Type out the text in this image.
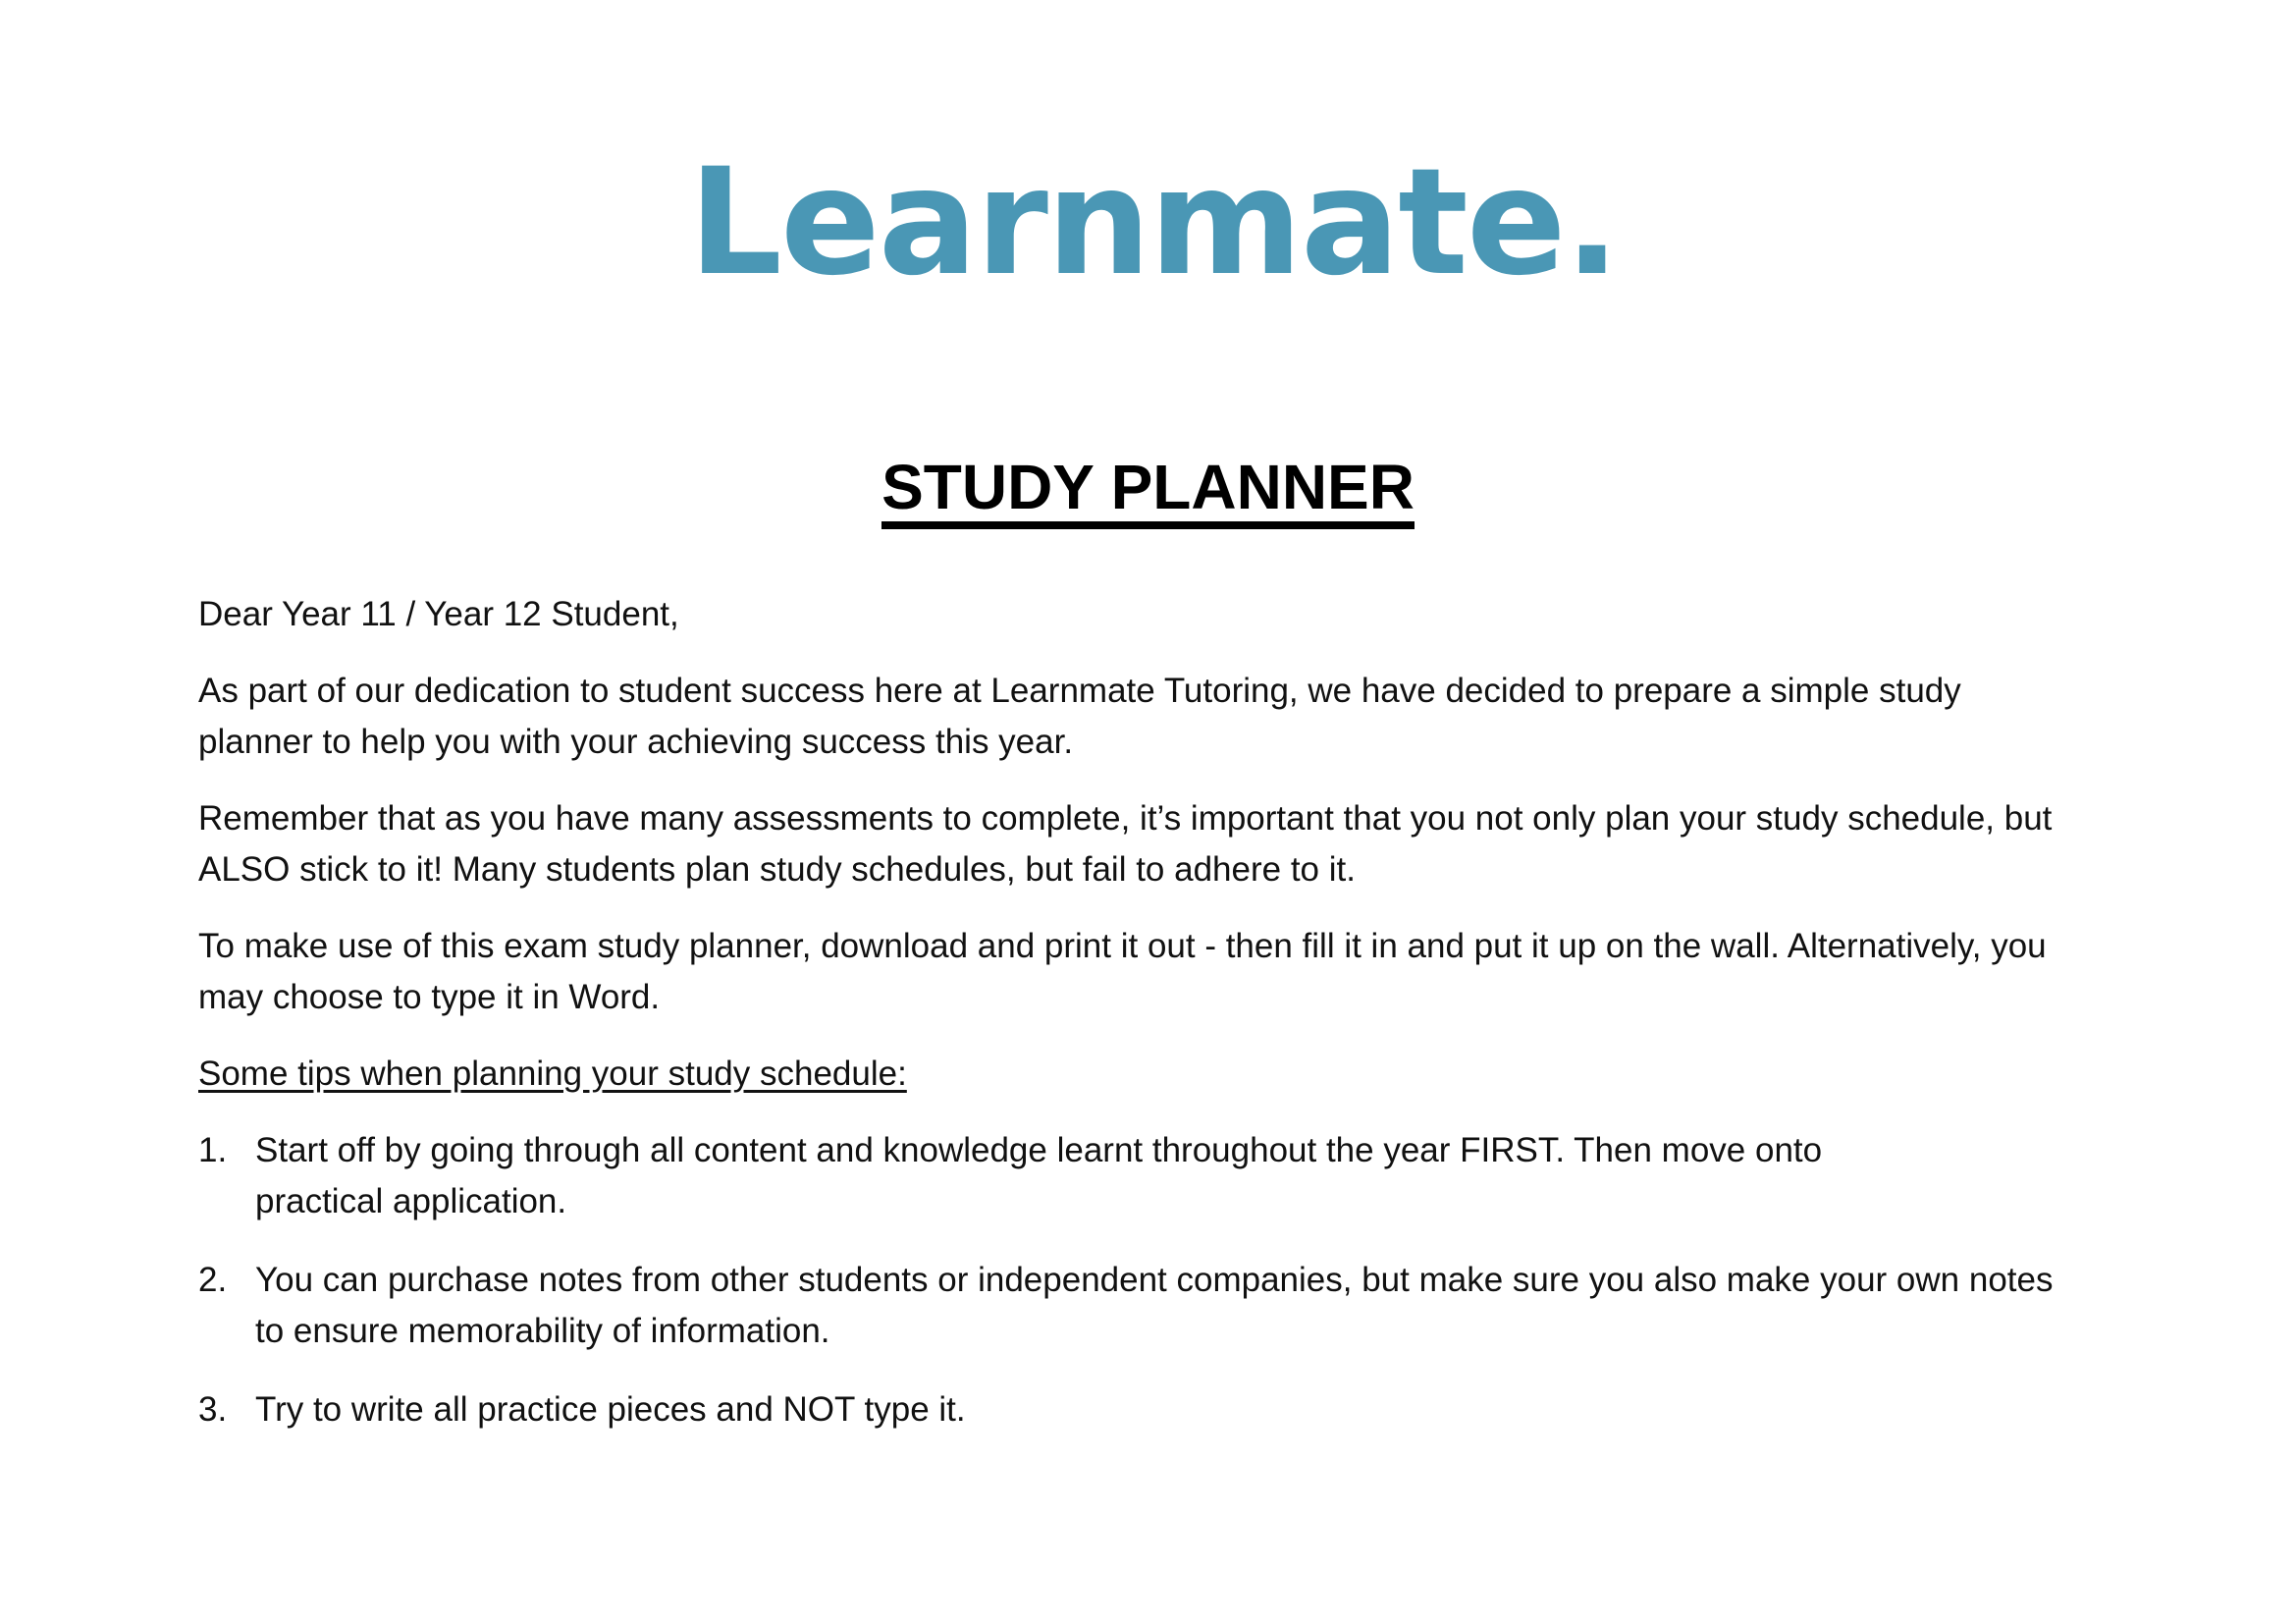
Learnmate.
STUDY PLANNER

Dear Year 11 / Year 12 Student,

As part of our dedication to student success here at Learnmate Tutoring, we have decided to prepare a simple study planner to help you with your achieving success this year.

Remember that as you have many assessments to complete, it’s important that you not only plan your study schedule, but ALSO stick to it! Many students plan study schedules, but fail to adhere to it.

To make use of this exam study planner, download and print it out - then fill it in and put it up on the wall. Alternatively, you may choose to type it in Word.

Some tips when planning your study schedule:

1. Start off by going through all content and knowledge learnt throughout the year FIRST. Then move onto practical application.
2. You can purchase notes from other students or independent companies, but make sure you also make your own notes to ensure memorability of information.
3. Try to write all practice pieces and NOT type it.
